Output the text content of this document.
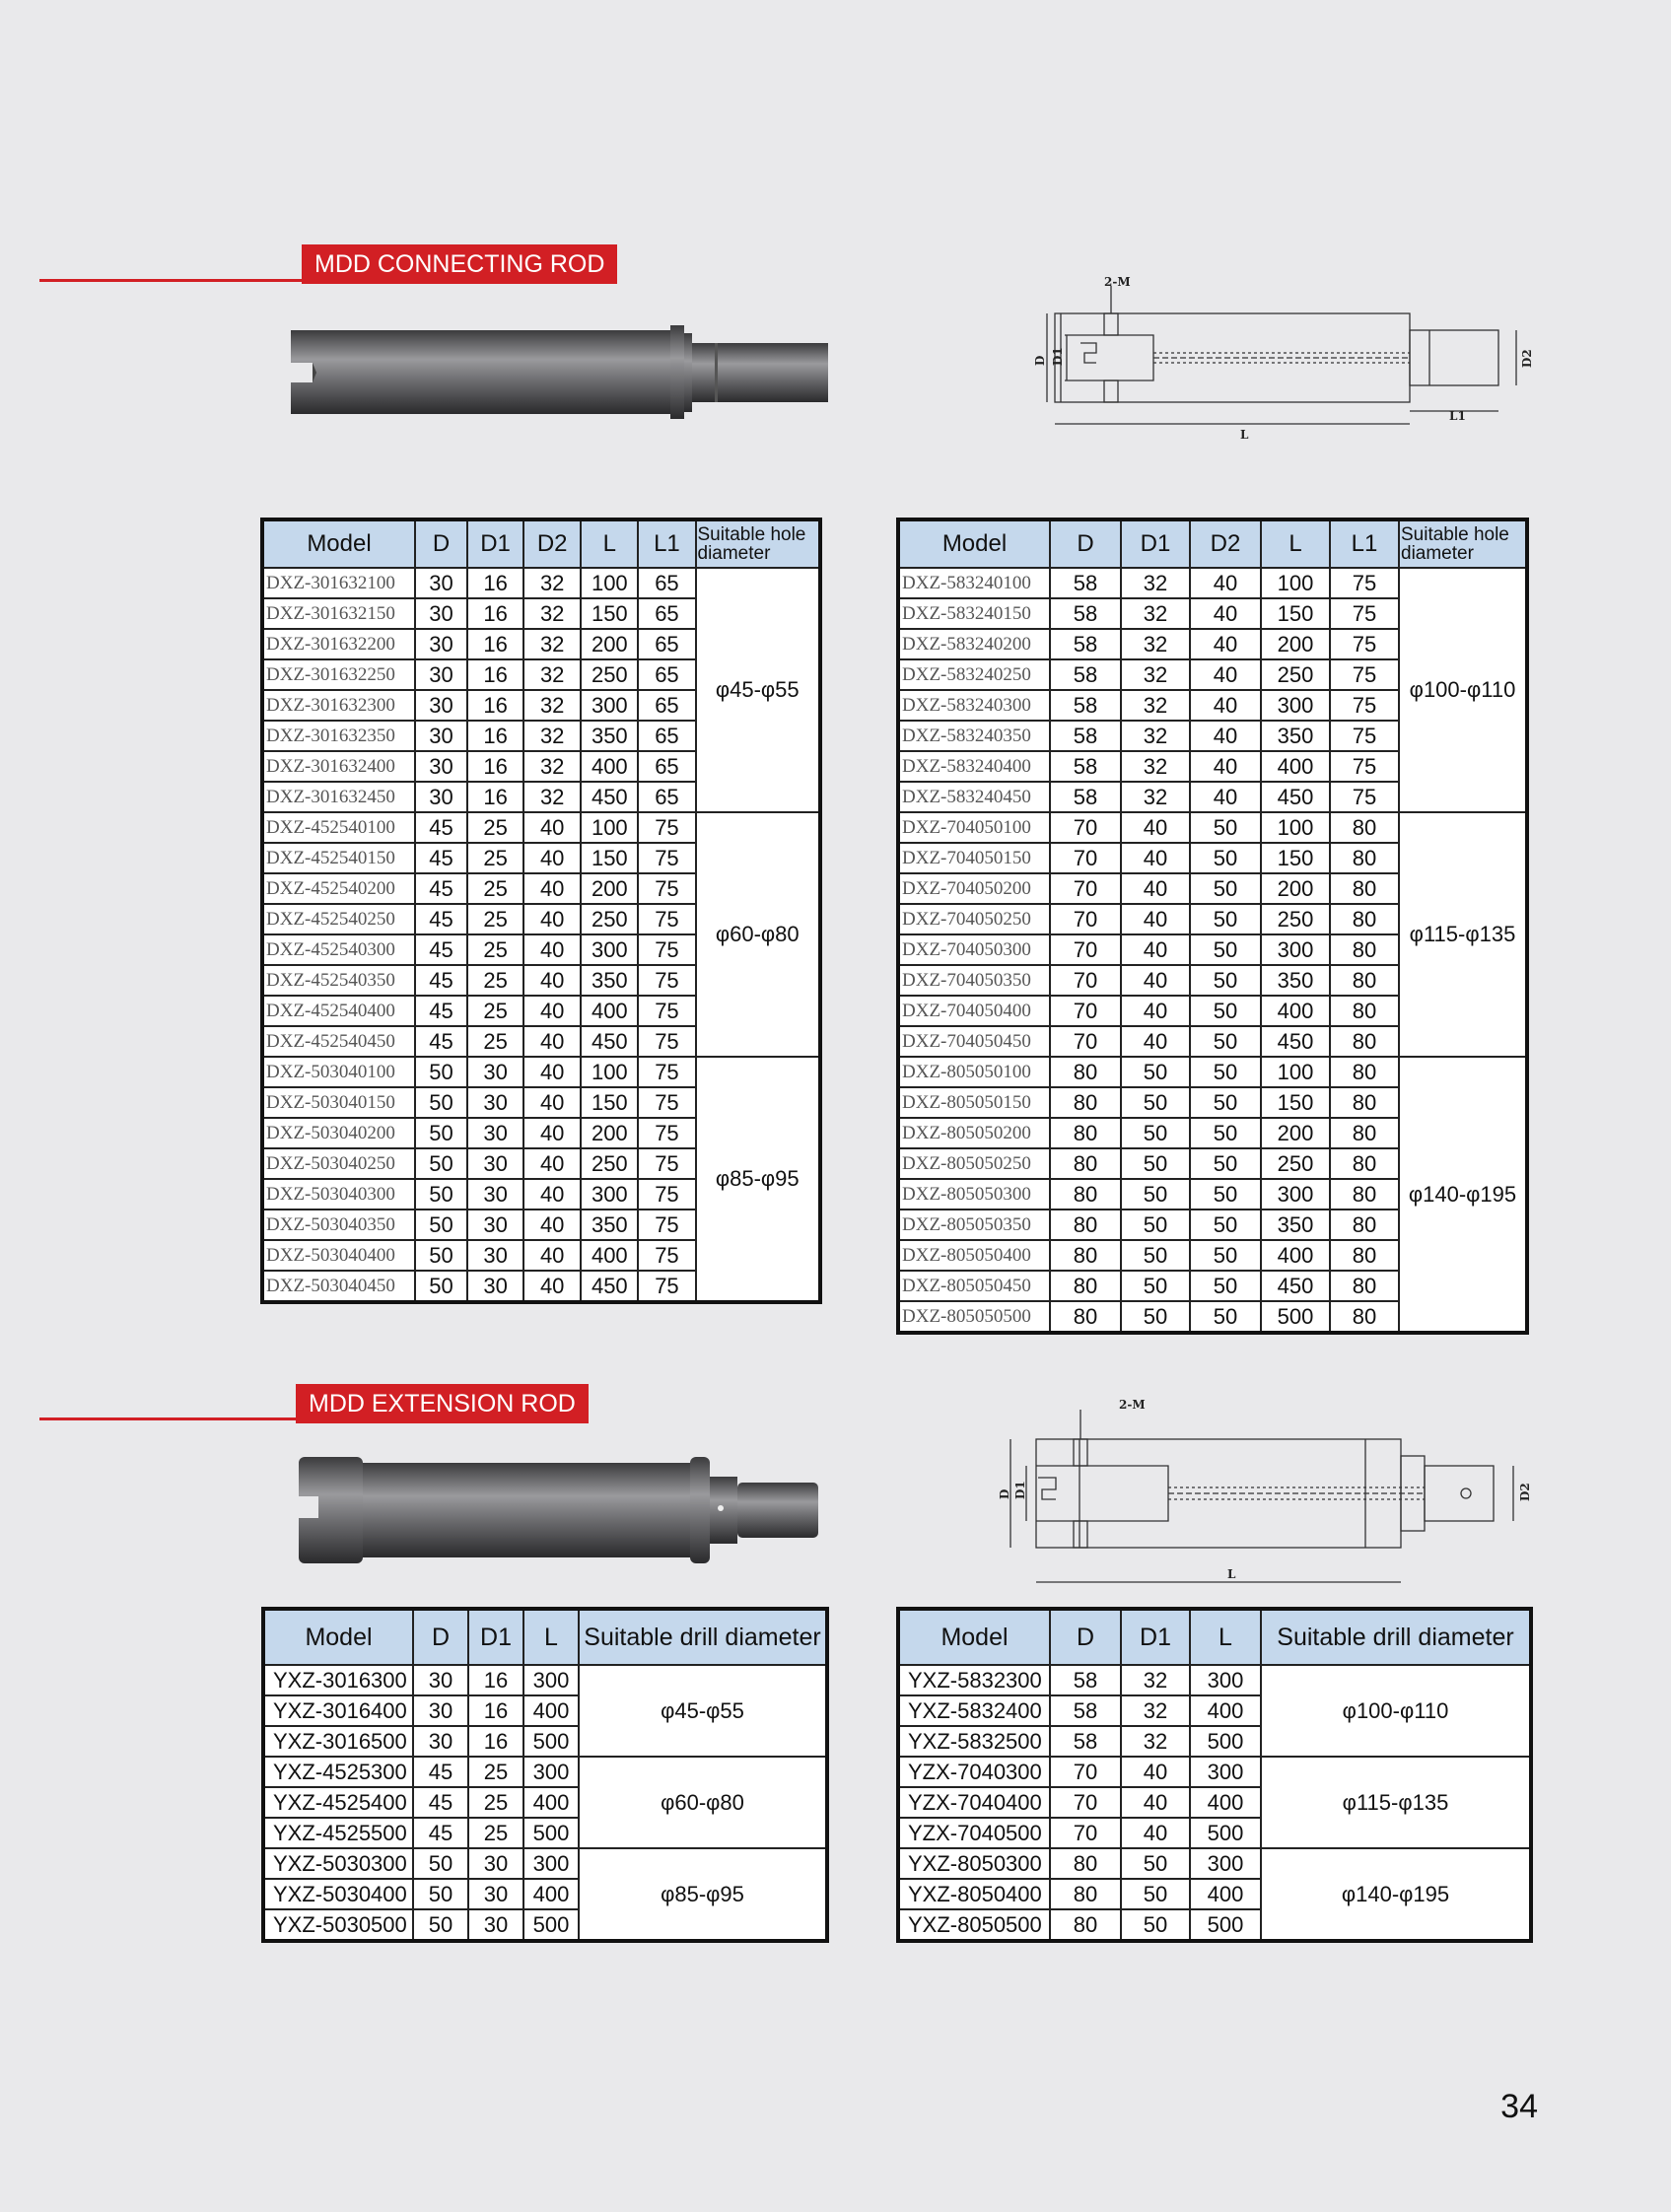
MDD CONNECTING ROD
2-M
D D1	D2
L
L1
Model	D	D1	D2	L	L1	Suitable hole diameter
DXZ-301632100	30	16	32	100	65	φ45-φ55
DXZ-301632150	30	16	32	150	65	
DXZ-301632200	30	16	32	200	65	
DXZ-301632250	30	16	32	250	65	
DXZ-301632300	30	16	32	300	65	
DXZ-301632350	30	16	32	350	65	
DXZ-301632400	30	16	32	400	65	
DXZ-301632450	30	16	32	450	65	
DXZ-452540100	45	25	40	100	75	φ60-φ80
DXZ-452540150	45	25	40	150	75	
DXZ-452540200	45	25	40	200	75	
DXZ-452540250	45	25	40	250	75	
DXZ-452540300	45	25	40	300	75	
DXZ-452540350	45	25	40	350	75	
DXZ-452540400	45	25	40	400	75	
DXZ-452540450	45	25	40	450	75	
DXZ-503040100	50	30	40	100	75	φ85-φ95
DXZ-503040150	50	30	40	150	75	
DXZ-503040200	50	30	40	200	75	
DXZ-503040250	50	30	40	250	75	
DXZ-503040300	50	30	40	300	75	
DXZ-503040350	50	30	40	350	75	
DXZ-503040400	50	30	40	400	75	
DXZ-503040450	50	30	40	450	75	
Model	D	D1	D2	L	L1	Suitable hole diameter
DXZ-583240100	58	32	40	100	75	φ100-φ110
DXZ-583240150	58	32	40	150	75	
DXZ-583240200	58	32	40	200	75	
DXZ-583240250	58	32	40	250	75	
DXZ-583240300	58	32	40	300	75	
DXZ-583240350	58	32	40	350	75	
DXZ-583240400	58	32	40	400	75	
DXZ-583240450	58	32	40	450	75	
DXZ-704050100	70	40	50	100	80	φ115-φ135
DXZ-704050150	70	40	50	150	80	
DXZ-704050200	70	40	50	200	80	
DXZ-704050250	70	40	50	250	80	
DXZ-704050300	70	40	50	300	80	
DXZ-704050350	70	40	50	350	80	
DXZ-704050400	70	40	50	400	80	
DXZ-704050450	70	40	50	450	80	
DXZ-805050100	80	50	50	100	80	φ140-φ195
DXZ-805050150	80	50	50	150	80	
DXZ-805050200	80	50	50	200	80	
DXZ-805050250	80	50	50	250	80	
DXZ-805050300	80	50	50	300	80	
DXZ-805050350	80	50	50	350	80	
DXZ-805050400	80	50	50	400	80	
DXZ-805050450	80	50	50	450	80	
DXZ-805050500	80	50	50	500	80	
MDD EXTENSION ROD	2-M
D D1	D2
L
Model	D	D1	L	Suitable drill diameter
YXZ-3016300	30	16	300	φ45-φ55
YXZ-3016400	30	16	400	
YXZ-3016500	30	16	500	
YXZ-4525300	45	25	300	φ60-φ80
YXZ-4525400	45	25	400	
YXZ-4525500	45	25	500	
YXZ-5030300	50	30	300	φ85-φ95
YXZ-5030400	50	30	400	
YXZ-5030500	50	30	500	
Model	D	D1	L	Suitable drill diameter
YXZ-5832300	58	32	300	φ100-φ110
YXZ-5832400	58	32	400	
YXZ-5832500	58	32	500	
YZX-7040300	70	40	300	φ115-φ135
YZX-7040400	70	40	400	
YZX-7040500	70	40	500	
YXZ-8050300	80	50	300	φ140-φ195
YXZ-8050400	80	50	400	
YXZ-8050500	80	50	500	
34
